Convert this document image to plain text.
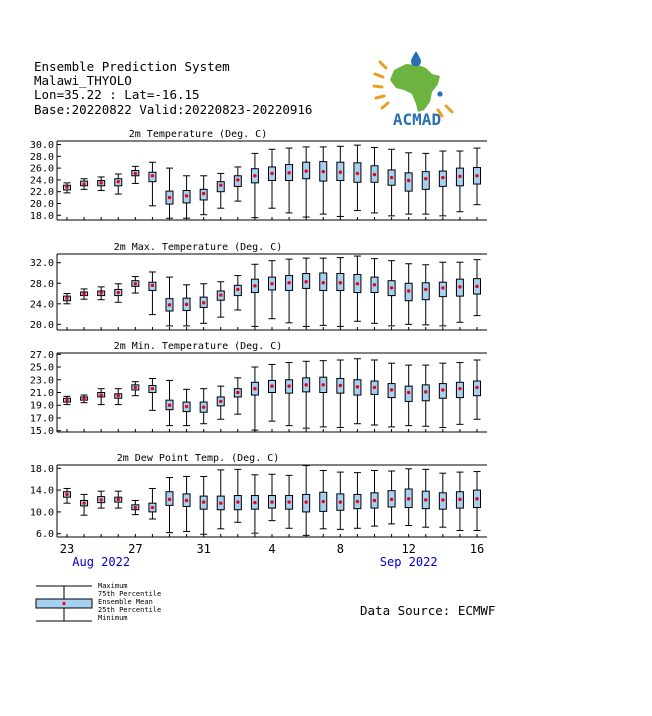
Ensemble Prediction System
Malawi_THYOLO
Lon=35.22 : Lat=-16.15
Base:20220822 Valid:20220823-20220916
ACMAD
2m Temperature (Deg. C)
30.0
28.0
26.0
24.0
22.0
20.0
18.0
2m Max. Temperature (Deg. C)
32.0
28.0
24.0
20.0
2m Min. Temperature (Deg. C)
27.0
25.0
23.0
21.0
19.0
17.0
15.0
2m Dew Point Temp. (Deg. C)
18.0
14.0
10.0
6.0
23	27	31	4	8	12	16
Aug 2022	Sep 2022
Maximum
75th Percentile
Ensemble Mean
25th Percentile
Minimum	Data Source: ECMWF
